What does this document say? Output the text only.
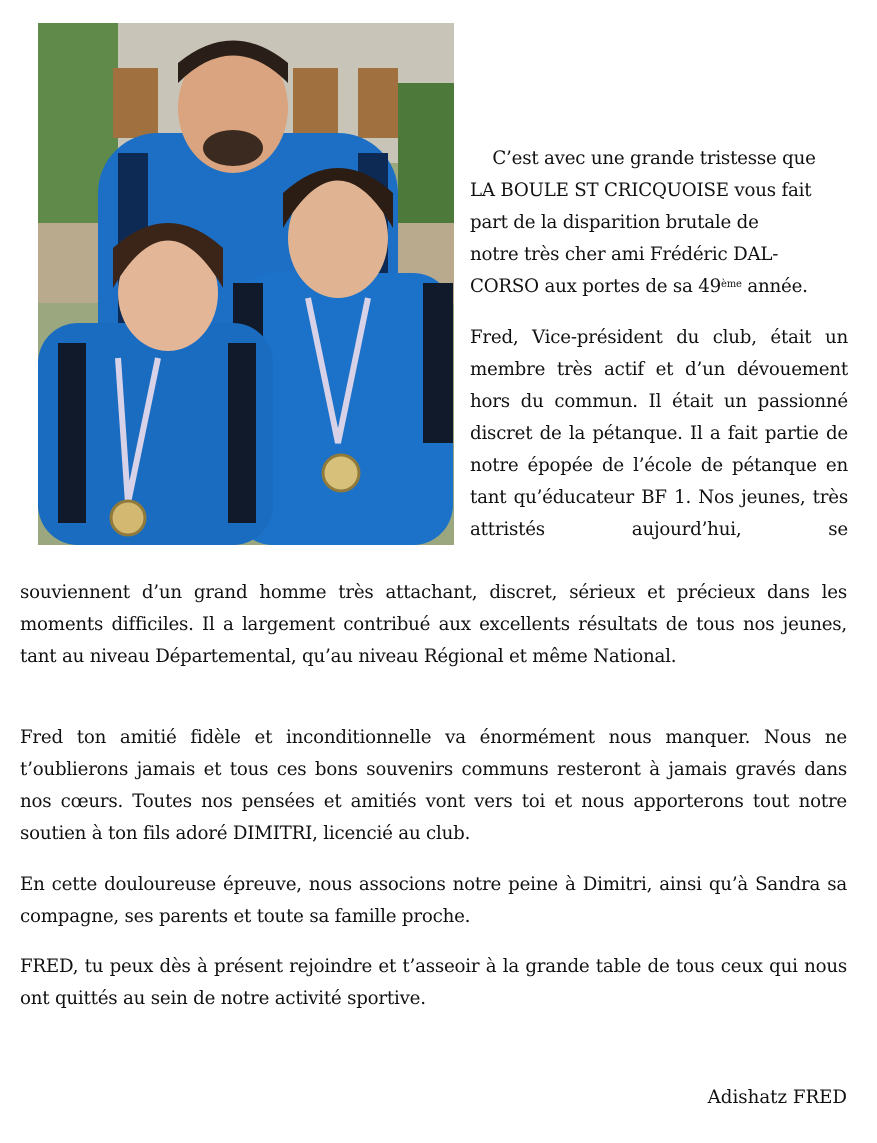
C’est avec une grande tristesse que

LA BOULE ST CRICQUOISE vous fait

part de la disparition brutale de

notre très cher ami Frédéric DAL-

CORSO aux portes de sa 49ème année.

Fred, Vice-président du club, était un membre très actif et d’un dévouement hors du commun. Il était un passionné discret de la pétanque. Il a fait partie de notre épopée de l’école de pétanque en tant qu’éducateur BF 1. Nos jeunes, très attristés aujourd’hui, se
souviennent d’un grand homme très attachant, discret, sérieux et précieux dans les moments difficiles. Il a largement contribué aux excellents résultats de tous nos jeunes, tant au niveau Départemental, qu’au niveau Régional et même National.
Fred ton amitié fidèle et inconditionnelle va énormément nous manquer. Nous ne t’oublierons jamais et tous ces bons souvenirs communs resteront à jamais gravés dans nos cœurs. Toutes nos pensées et amitiés vont vers toi et nous apporterons tout notre soutien à ton fils adoré DIMITRI, licencié au club.
En cette douloureuse épreuve, nous associons notre peine à Dimitri, ainsi qu’à Sandra sa compagne, ses parents et toute sa famille proche.
FRED, tu peux dès à présent rejoindre et t’asseoir à la grande table de tous ceux qui nous ont quittés au sein de notre activité sportive.
Adishatz FRED
